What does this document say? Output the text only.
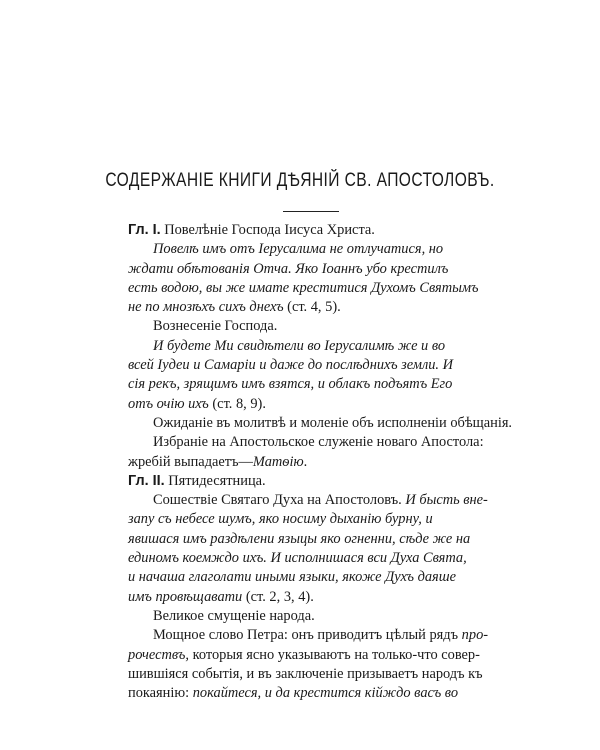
СОДЕРЖАНІЕ КНИГИ ДѢЯНІЙ СВ. АПОСТОЛОВЪ.
Гл. I. Повелѣніе Господа Іисуса Христа.
Повелѣ имъ отъ Іерусалима не отлучатися, но
ждати обѣтованія Отча. Яко Іоаннъ убо крестилъ
есть водою, вы же имате креститися Духомъ Святымъ
не по мнозѣхъ сихъ днехъ (ст. 4, 5).
Вознесеніе Господа.
И будете Ми свидѣтели во Іерусалимѣ же и во
всей Іудеи и Самаріи и даже до послѣднихъ земли. И
сія рекъ, зрящимъ имъ взятся, и облакъ подъятъ Его
отъ очію ихъ (ст. 8, 9).
Ожиданіе въ молитвѣ и моленіе объ исполненіи обѣщанія.
Избраніе на Апостольское служеніе новаго Апостола:
жребій выпадаетъ—Матѳію.
Гл. II. Пятидесятница.
Сошествіе Святаго Духа на Апостоловъ. И бысть вне-
запу съ небесе шумъ, яко носиму дыханію бурну, и
явишася имъ раздѣлени языцы яко огненни, сѣде же на
единомъ коемждо ихъ. И исполнишася вси Духа Свята,
и начаша глаголати иными языки, якоже Духъ даяше
имъ провѣщавати (ст. 2, 3, 4).
Великое смущеніе народа.
Мощное слово Петра: онъ приводитъ цѣлый рядъ про-
рочествъ, которыя ясно указываютъ на только-что совер-
шившіяся событія, и въ заключеніе призываетъ народъ къ
покаянію: покайтеся, и да крестится кійждо васъ во
